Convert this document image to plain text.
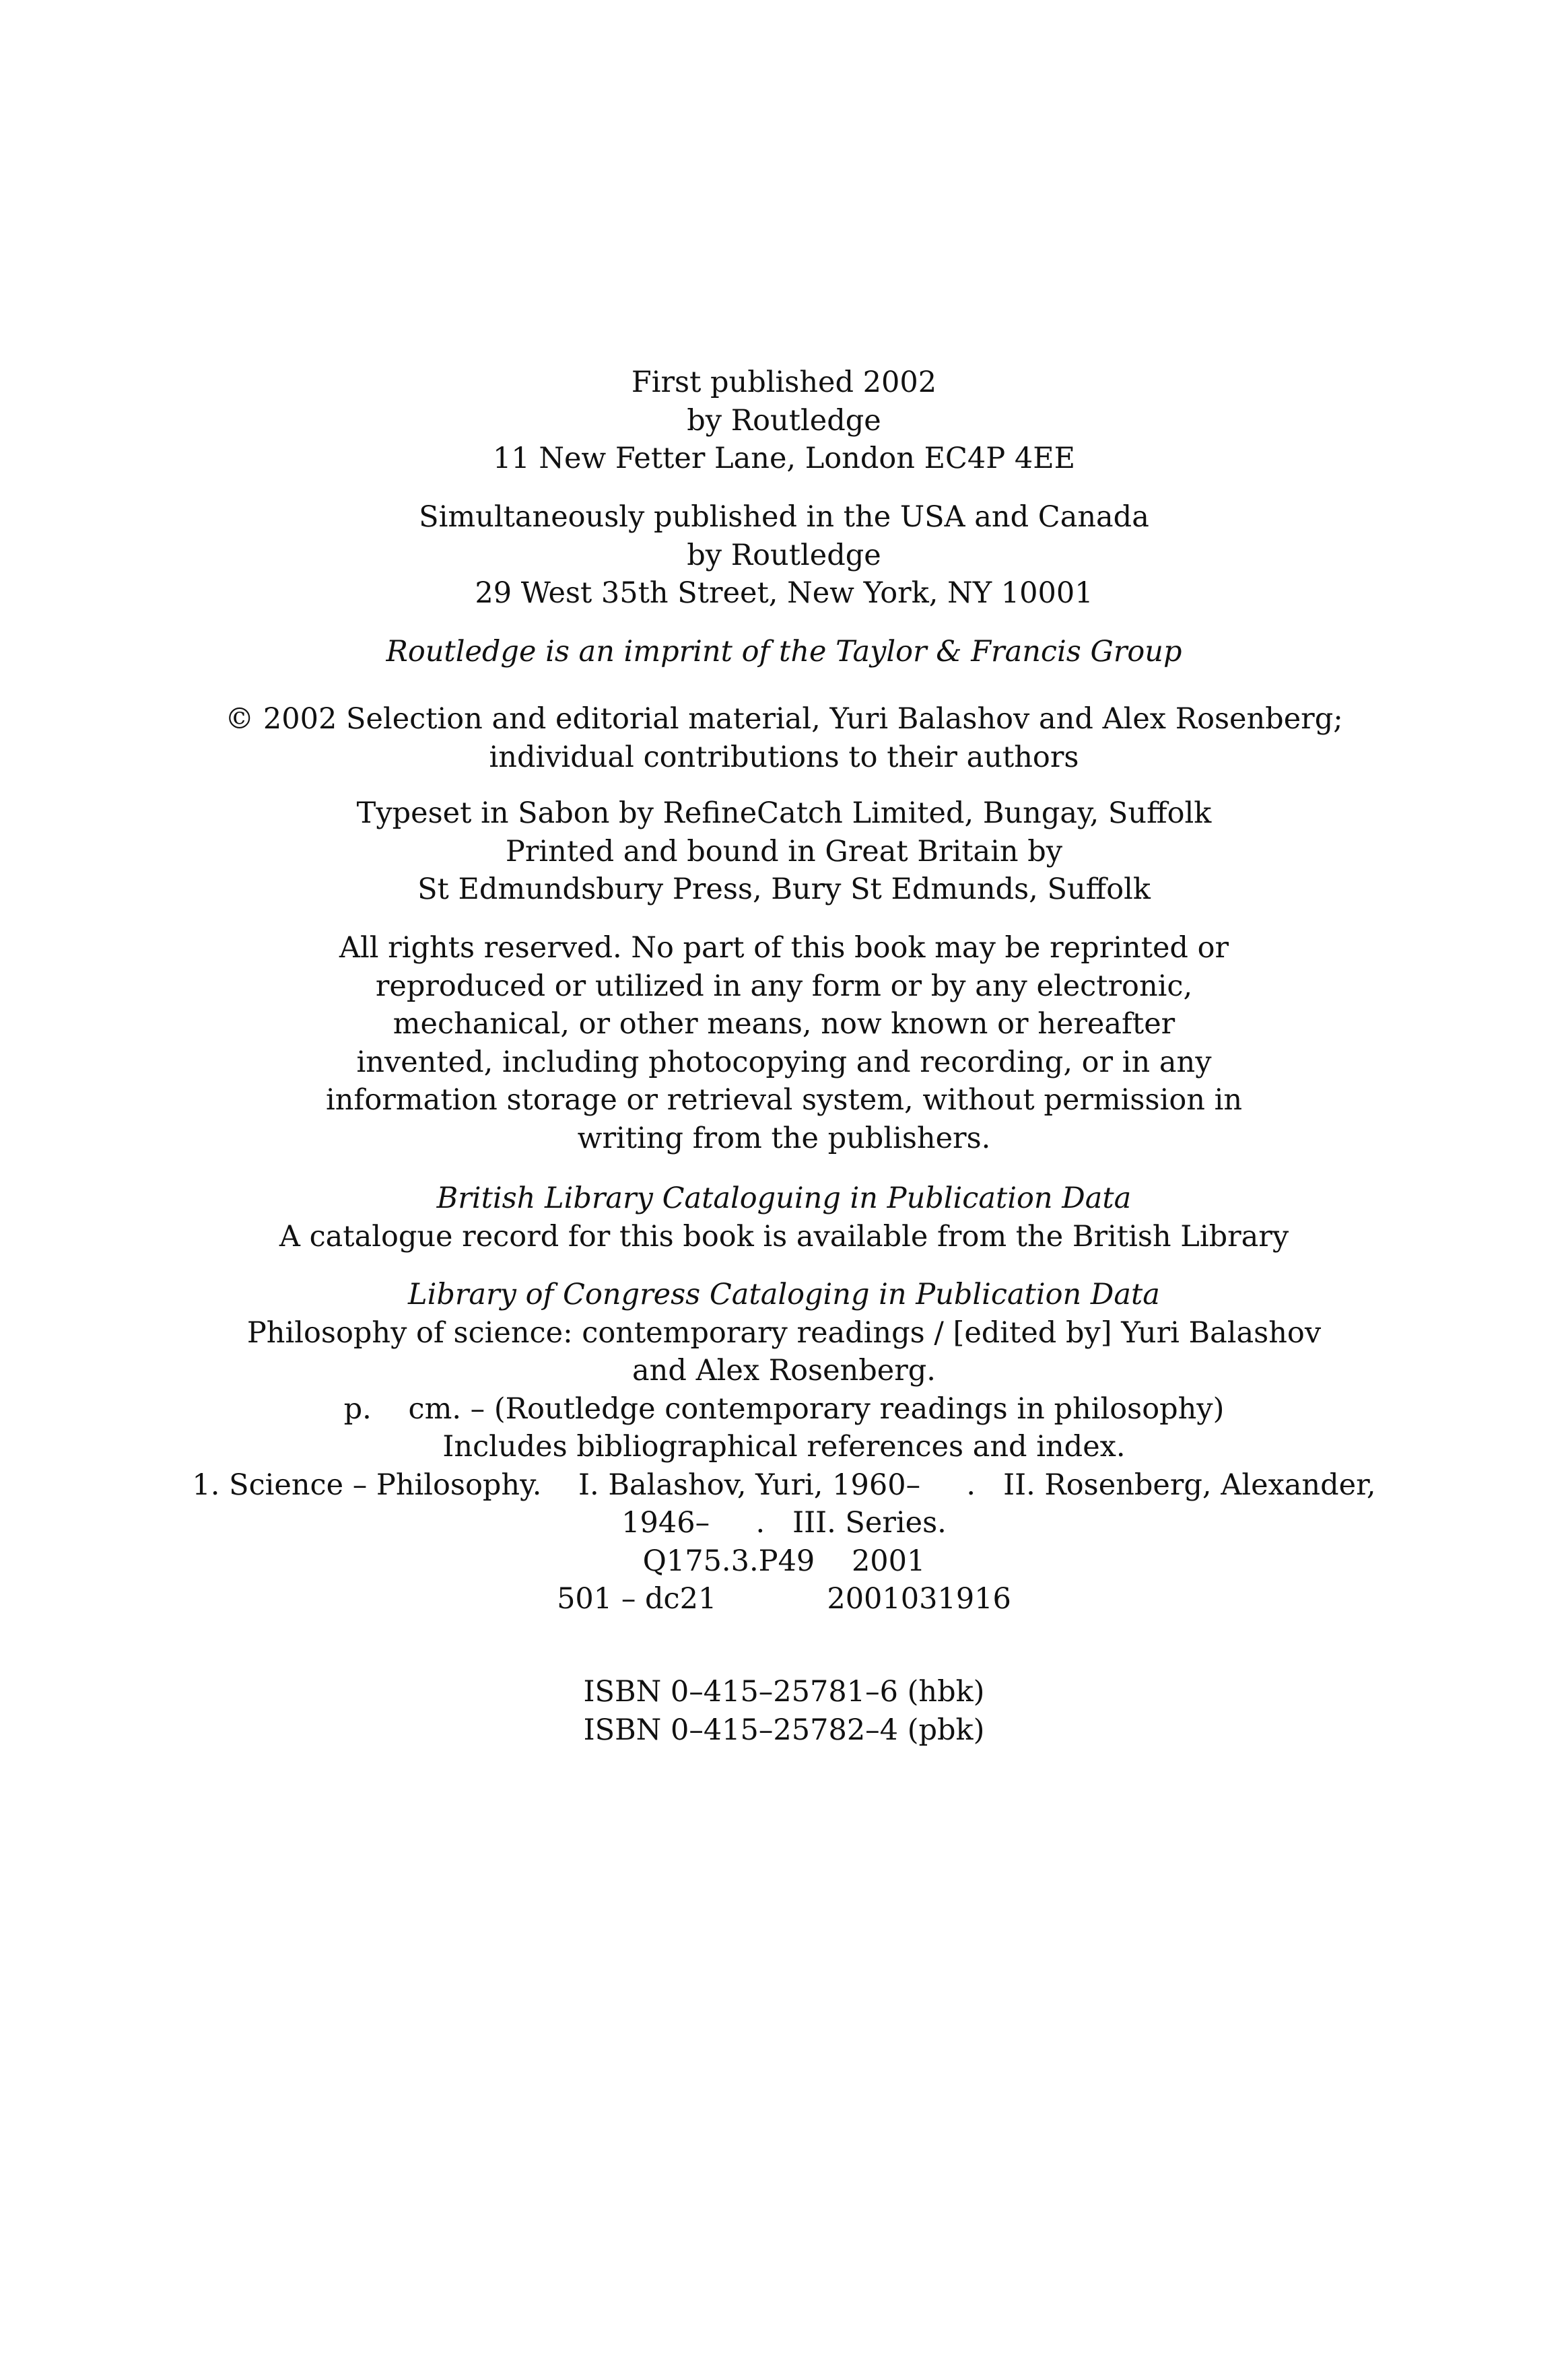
First published 2002
by Routledge
11 New Fetter Lane, London EC4P 4EE
Simultaneously published in the USA and Canada
by Routledge
29 West 35th Street, New York, NY 10001
Routledge is an imprint of the Taylor & Francis Group
© 2002 Selection and editorial material, Yuri Balashov and Alex Rosenberg;
individual contributions to their authors
Typeset in Sabon by RefineCatch Limited, Bungay, Suffolk
Printed and bound in Great Britain by
St Edmundsbury Press, Bury St Edmunds, Suffolk
All rights reserved. No part of this book may be reprinted or
reproduced or utilized in any form or by any electronic,
mechanical, or other means, now known or hereafter
invented, including photocopying and recording, or in any
information storage or retrieval system, without permission in
writing from the publishers.
British Library Cataloguing in Publication Data
A catalogue record for this book is available from the British Library
Library of Congress Cataloging in Publication Data
Philosophy of science: contemporary readings / [edited by] Yuri Balashov
and Alex Rosenberg.
p.    cm. – (Routledge contemporary readings in philosophy)
Includes bibliographical references and index.
1. Science – Philosophy.    I. Balashov, Yuri, 1960–     .   II. Rosenberg, Alexander,
1946–     .   III. Series.
Q175.3.P49    2001
501 – dc21            2001031916
ISBN 0–415–25781–6 (hbk)
ISBN 0–415–25782–4 (pbk)
